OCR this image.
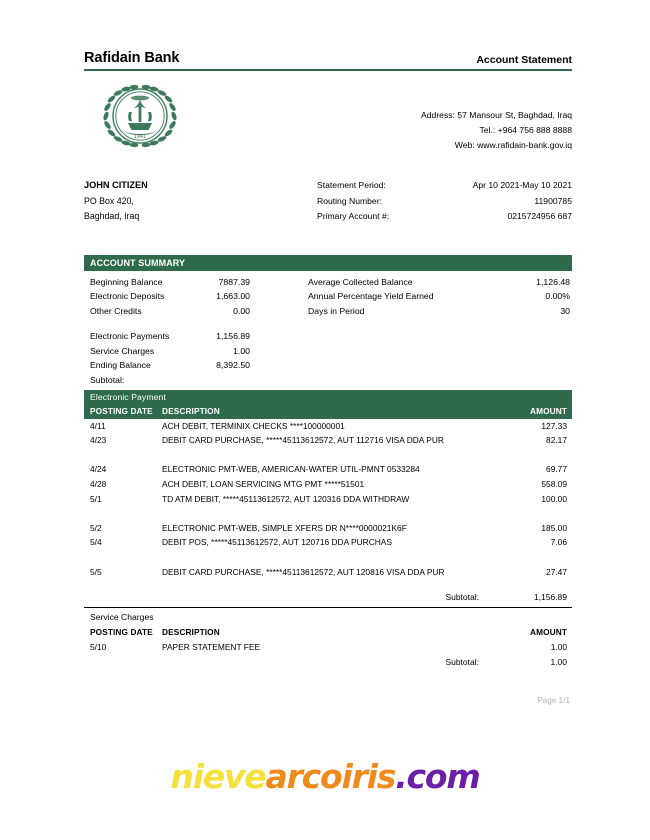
Rafidain Bank	Account Statement
1941
Address: 57 Mansour St, Baghdad, Iraq
Tel.: +964 756 888 8888
Web: www.rafidain-bank.gov.iq
JOHN CITIZEN
PO Box 420,
Baghdad, Iraq
Statement Period:	Apr 10 2021-May 10 2021
Routing Number:	11900785
Primary Account #:	0215724956 687
ACCOUNT SUMMARY
Beginning Balance	7887.39
Electronic Deposits	1,663.00
Other Credits	0.00
Average Collected Balance	1,126.48
Annual Percentage Yield Earned	0.00%
Days in Period	30
Electronic Payments	1,156.89
Service Charges	1.00
Ending Balance	8,392.50
Subtotal:
Electronic Payment
POSTING DATE	DESCRIPTION	AMOUNT
4/11	ACH DEBIT, TERMINIX CHECKS ****100000001	127.33
4/23	DEBIT CARD PURCHASE, *****45113612572, AUT 112716 VISA DDA PUR	82.17
4/24	ELECTRONIC PMT-WEB, AMERICAN-WATER UTIL-PMNT 0533284	69.77
4/28	ACH DEBIT, LOAN SERVICING MTG PMT *****51501	558.09
5/1	TD ATM DEBIT, *****45113612572, AUT 120316 DDA WITHDRAW	100.00
5/2	ELECTRONIC PMT-WEB, SIMPLE XFERS DR N****0000021K6F	185.00
5/4	DEBIT POS, *****45113612572, AUT 120716 DDA PURCHAS	7.06
5/5	DEBIT CARD PURCHASE, *****45113612572, AUT 120816 VISA DDA PUR	27.47
Subtotal:	1,156.89
Service Charges
POSTING DATE	DESCRIPTION	AMOUNT
5/10	PAPER STATEMENT FEE	1.00
Subtotal:	1.00
Page 1/1
nievearcoiris.com
